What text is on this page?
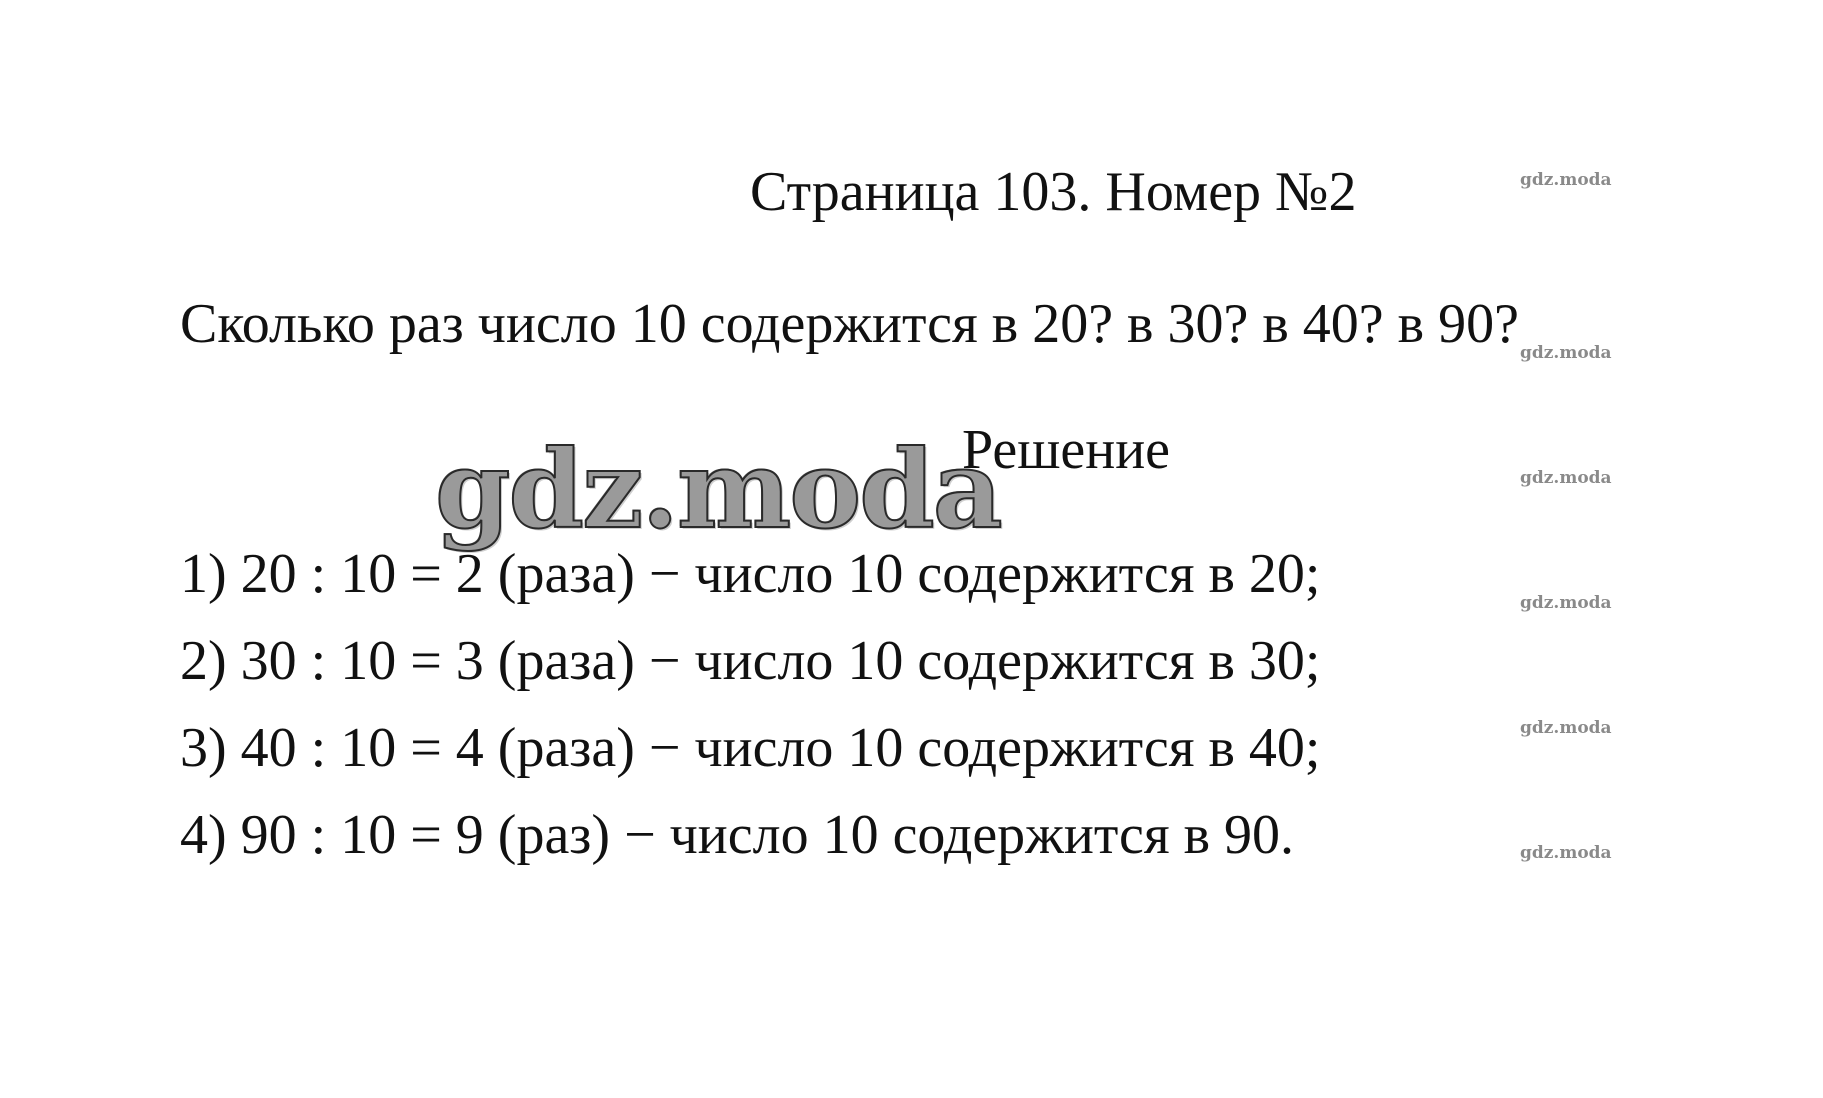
Страница 103. Номер №2
Сколько раз число 10 содержится в 20? в 30? в 40? в 90?
gdz.moda
Решение
1) 20 : 10 = 2 (раза) − число 10 содержится в 20;
2) 30 : 10 = 3 (раза) − число 10 содержится в 30;
3) 40 : 10 = 4 (раза) − число 10 содержится в 40;
4) 90 : 10 = 9 (раз) − число 10 содержится в 90.
gdz.moda
gdz.moda
gdz.moda
gdz.moda
gdz.moda
gdz.moda
